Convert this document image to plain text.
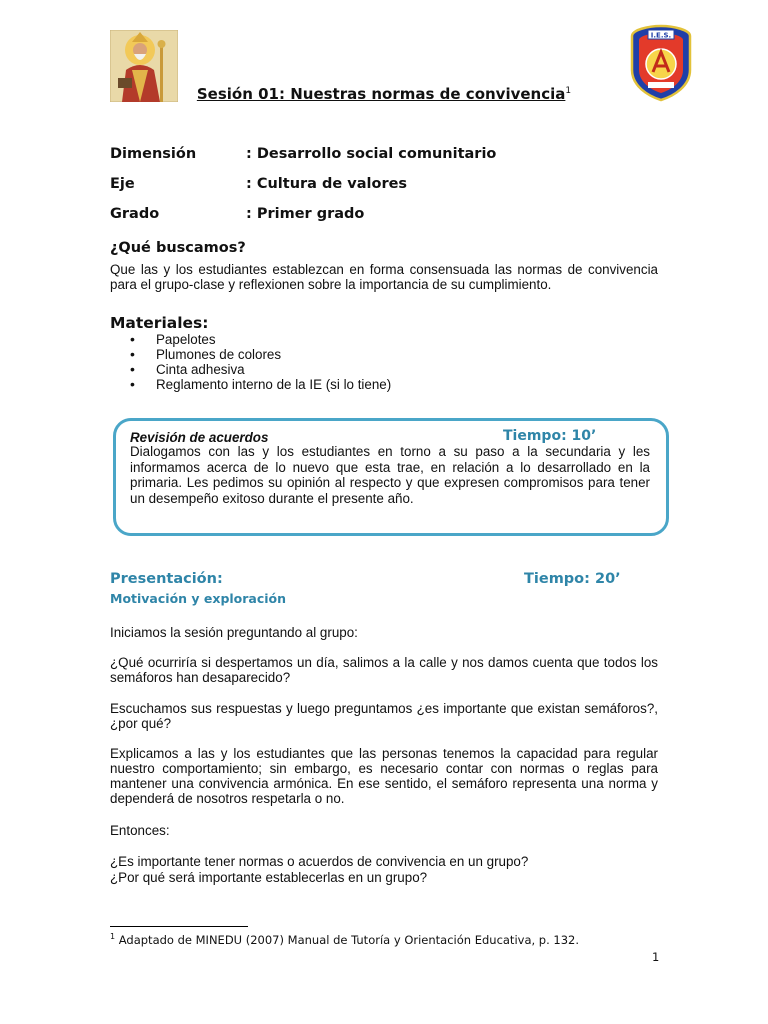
I.E.S.
Sesión 01: Nuestras normas de convivencia$^1$
Dimensión	: Desarrollo social comunitario
Eje	: Cultura de valores
Grado	: Primer grado
¿Qué buscamos?
Que las y los estudiantes establezcan en forma consensuada las normas de convivencia para el grupo-clase y reflexionen sobre la importancia de su cumplimiento.
Materiales:
• Papelotes
• Plumones de colores
• Cinta adhesiva
• Reglamento interno de la IE (si lo tiene)
Revisión de acuerdos	Tiempo: 10’
Dialogamos con las y los estudiantes en torno a su paso a la secundaria y les informamos acerca de lo nuevo que esta trae, en relación a lo desarrollado en la primaria. Les pedimos su opinión al respecto y que expresen compromisos para tener un desempeño exitoso durante el presente año.
Presentación:	Tiempo: 20’
Motivación y exploración
Iniciamos la sesión preguntando al grupo:
¿Qué ocurriría si despertamos un día, salimos a la calle y nos damos cuenta que todos los semáforos han desaparecido?
Escuchamos sus respuestas y luego preguntamos ¿es importante que existan semáforos?, ¿por qué?
Explicamos a las y los estudiantes que las personas tenemos la capacidad para regular nuestro comportamiento; sin embargo, es necesario contar con normas o reglas para mantener una convivencia armónica. En ese sentido, el semáforo representa una norma y dependerá de nosotros respetarla o no.
Entonces:
¿Es importante tener normas o acuerdos de convivencia en un grupo?
¿Por qué será importante establecerlas en un grupo?
$^1$ Adaptado de MINEDU (2007) Manual de Tutoría y Orientación Educativa, p. 132.
1
